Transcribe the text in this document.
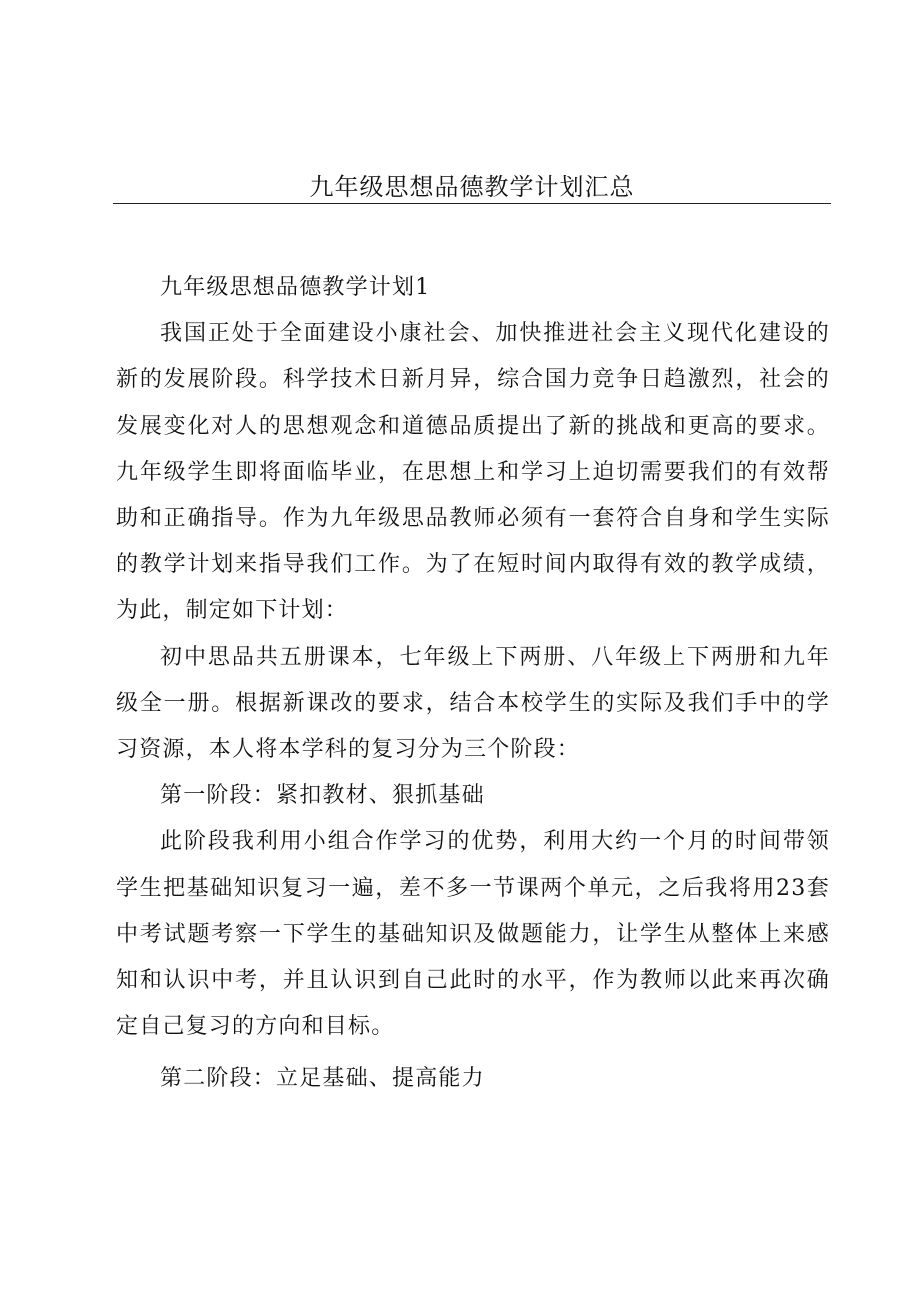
九年级思想品德教学计划汇总

九年级思想品德教学计划1

我国正处于全面建设小康社会、加快推进社会主义现代化建设的新的发展阶段。科学技术日新月异，综合国力竞争日趋激烈，社会的发展变化对人的思想观念和道德品质提出了新的挑战和更高的要求。九年级学生即将面临毕业，在思想上和学习上迫切需要我们的有效帮助和正确指导。作为九年级思品教师必须有一套符合自身和学生实际的教学计划来指导我们工作。为了在短时间内取得有效的教学成绩，为此，制定如下计划：

初中思品共五册课本，七年级上下两册、八年级上下两册和九年级全一册。根据新课改的要求，结合本校学生的实际及我们手中的学习资源，本人将本学科的复习分为三个阶段：

第一阶段：紧扣教材、狠抓基础

此阶段我利用小组合作学习的优势，利用大约一个月的时间带领学生把基础知识复习一遍，差不多一节课两个单元，之后我将用23套中考试题考察一下学生的基础知识及做题能力，让学生从整体上来感知和认识中考，并且认识到自己此时的水平，作为教师以此来再次确定自己复习的方向和目标。

第二阶段：立足基础、提高能力
